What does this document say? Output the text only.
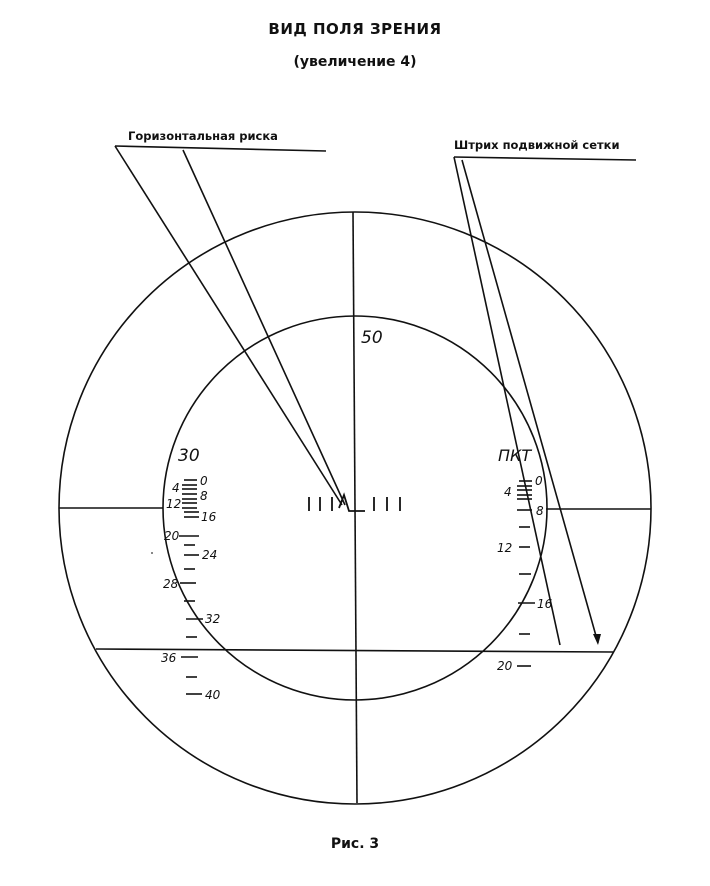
ВИД ПОЛЯ ЗРЕНИЯ
(увеличение 4)
Горизонтальная риска
Штрих подвижной сетки
50
30
0
4
8
12
16
20
24
28
32
36
40
ПКТ
0
4
8
12
16
20
Рис. 3
